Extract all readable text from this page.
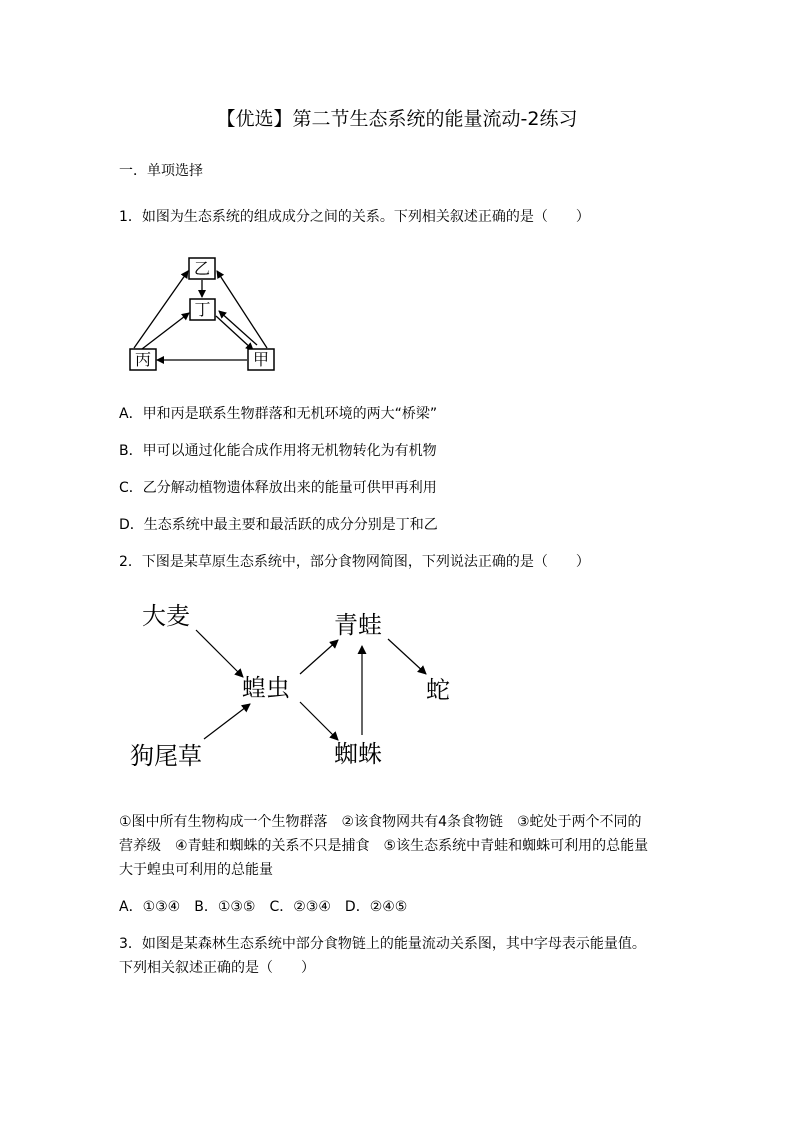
【优选】第二节生态系统的能量流动-2练习
一．单项选择
1．如图为生态系统的组成成分之间的关系。下列相关叙述正确的是（　　）
乙
丁
丙	甲
A．甲和丙是联系生物群落和无机环境的两大“桥梁”
B．甲可以通过化能合成作用将无机物转化为有机物
C．乙分解动植物遗体释放出来的能量可供甲再利用
D．生态系统中最主要和最活跃的成分分别是丁和乙
2．下图是某草原生态系统中，部分食物网简图，下列说法正确的是（　　）
大麦
狗尾草
蝗虫
青蛙
蜘蛛
蛇
①图中所有生物构成一个生物群落　②该食物网共有4条食物链　③蛇处于两个不同的
营养级　④青蛙和蜘蛛的关系不只是捕食　⑤该生态系统中青蛙和蜘蛛可利用的总能量
大于蝗虫可利用的总能量
A．①③④　B．①③⑤　C．②③④　D．②④⑤
3．如图是某森林生态系统中部分食物链上的能量流动关系图，其中字母表示能量值。
下列相关叙述正确的是（　　）
